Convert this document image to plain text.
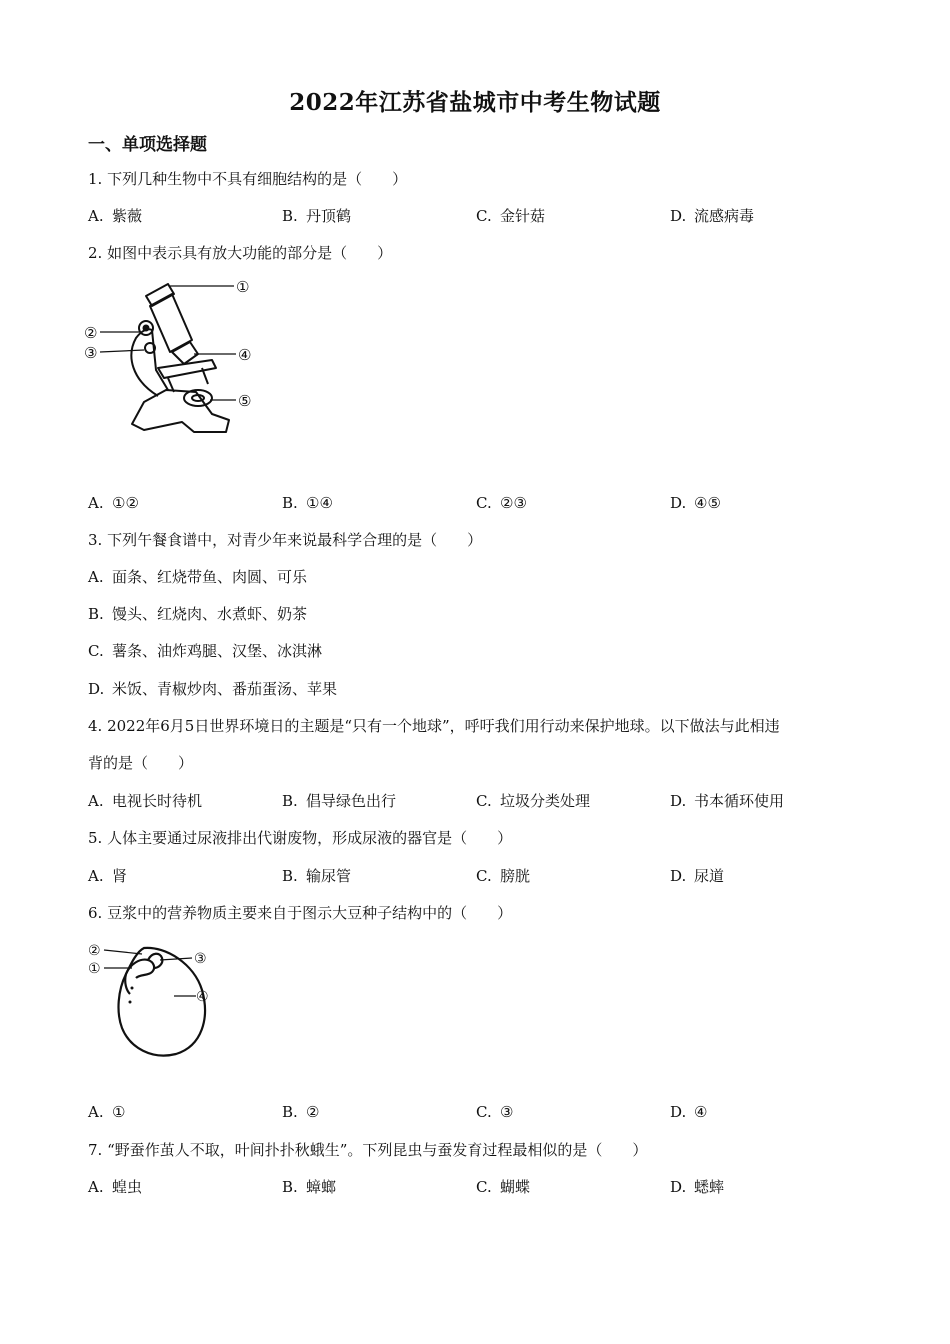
2022年江苏省盐城市中考生物试题
一、单项选择题
1. 下列几种生物中不具有细胞结构的是（　　）
A. 紫薇	B. 丹顶鹤	C. 金针菇	D. 流感病毒
2. 如图中表示具有放大功能的部分是（　　）
①
②
③	④
⑤
A. ①②	B. ①④	C. ②③	D. ④⑤
3. 下列午餐食谱中，对青少年来说最科学合理的是（　　）
A. 面条、红烧带鱼、肉圆、可乐
B. 馒头、红烧肉、水煮虾、奶茶
C. 薯条、油炸鸡腿、汉堡、冰淇淋
D. 米饭、青椒炒肉、番茄蛋汤、苹果
4. 2022年6月5日世界环境日的主题是“只有一个地球”，呼吁我们用行动来保护地球。以下做法与此相违
背的是（　　）
A. 电视长时待机	B. 倡导绿色出行	C. 垃圾分类处理	D. 书本循环使用
5. 人体主要通过尿液排出代谢废物，形成尿液的器官是（　　）
A. 肾	B. 输尿管	C. 膀胱	D. 尿道
6. 豆浆中的营养物质主要来自于图示大豆种子结构中的（　　）
②
①
③
④
A. ①	B. ②	C. ③	D. ④
7. “野蚕作茧人不取，叶间扑扑秋蛾生”。下列昆虫与蚕发育过程最相似的是（　　）
A. 蝗虫	B. 蟑螂	C. 蝴蝶	D. 蟋蟀
